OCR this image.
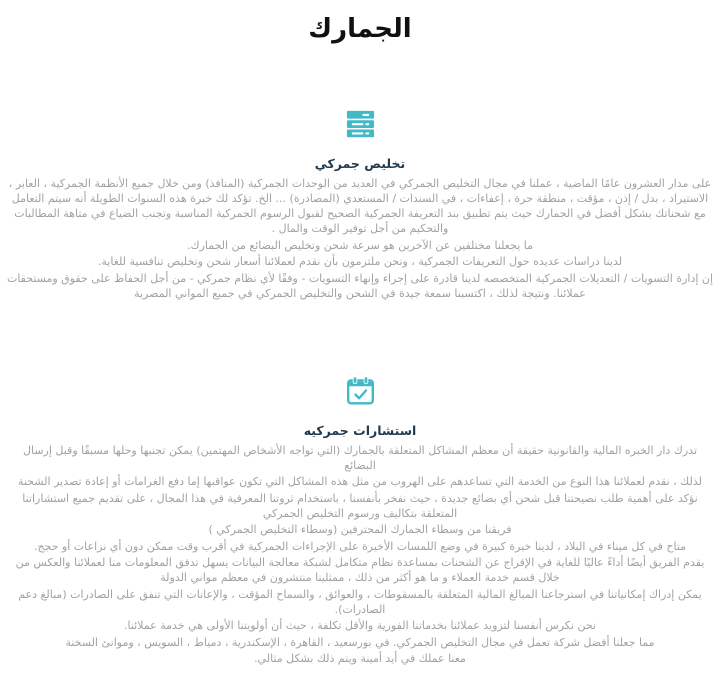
الجمارك
تخليص جمركي

على مدار العشرون عامًا الماضية ، عملنا في مجال التخليص الجمركي في العديد من الوحدات الجمركية (المنافذ) ومن خلال جميع الأنظمة الجمركية ، العابر ، الاستيراد ، بدل / إذن ، مؤقت ، منطقة حرة ، إعفاءات ، في السندات / المستعدي (المصادرة) ... الخ. تؤكد لك خبرة هذه السنوات الطويلة أنه سيتم التعامل مع شحناتك بشكل أفضل في الجمارك حيث يتم تطبيق بند التعريفة الجمركية الصحيح لقبول الرسوم الجمركية المناسبة وتجنب الضياع في متاهة المطالبات والتحكيم من أجل توفير الوقت والمال .

ما يجعلنا مختلفين عن الآخرين هو سرعة شحن وتخليص البضائع من الجمارك.

لدينا دراسات عديده حول التعريفات الجمركية ، ونحن ملتزمون بأن نقدم لعملائنا أسعار شحن وتخليص تنافسية للغاية.

إن إدارة التسويات / التعديلات الجمركية المتخصصه لدينا قادرة على إجراء وإنهاء التسويات - وفقًا لأي نظام جمركي - من أجل الحفاظ على حقوق ومستحقات عملائنا. ونتيجة لذلك ، اكتسبنا سمعة جيدة في الشحن والتخليص الجمركي في جميع المواني المصرية

استشارات جمركيه

تدرك دار الخبره المالية والقانونية حقيقة أن معظم المشاكل المتعلقة بالجمارك (التي تواجه الأشخاص المهتمين) يمكن تجنبها وحلها مسبقًا وقبل إرسال البضائع

لذلك ، نقدم لعملائنا هذا النوع من الخدمة التي تساعدهم على الهروب من مثل هذه المشاكل التي تكون عواقبها إما دفع الغرامات أو إعادة تصدير الشحنة

نؤكد على أهمية طلب نصيحتنا قبل شحن أي بضائع جديدة ، حيث نفخر بأنفسنا ، باستخدام ثروتنا المعرفية في هذا المجال ، على تقديم جميع استشاراتنا المتعلقة بتكاليف ورسوم التخليص الجمركي

فريقنا من وسطاء الجمارك المحترفين (وسطاء التخليص الجمركي )

متاح في كل ميناء في البلاد ، لدينا خبرة كبيرة في وضع اللمسات الأخيرة على الإجراءات الجمركية في أقرب وقت ممكن دون أي نزاعات أو حجج.

يقدم الفريق أيضًا أداءً عاليًا للغاية في الإفراج عن الشحنات بمساعدة نظام متكامل لشبكة معالجة البيانات يسهل تدفق المعلومات منا لعملائنا والعكس من خلال قسم خدمة العملاء و ما هو أكثر من ذلك ، ممثلينا منتشرون في معظم مواني الدولة

يمكن إدراك إمكانياتنا في استرجاعنا المبالغ المالية المتعلقة بالمسقوطات ، والعوائق ، والسماح المؤقت ، والإعانات التي تنفق على الصادرات (مبالغ دعم الصادرات).

نحن نكرس أنفسنا لتزويد عملائنا بخدماتنا الفورية والأقل تكلفة ، حيث أن أولويتنا الأولى هي خدمة عملائنا.

مما جعلنا أفضل شركة تعمل في مجال التخليص الجمركي. في بورسعيد ، القاهرة ، الإسكندرية ، دمياط ، السويس ، وموانئ السخنة

معنا عملك في أيد أمينة ويتم ذلك بشكل مثالي.
